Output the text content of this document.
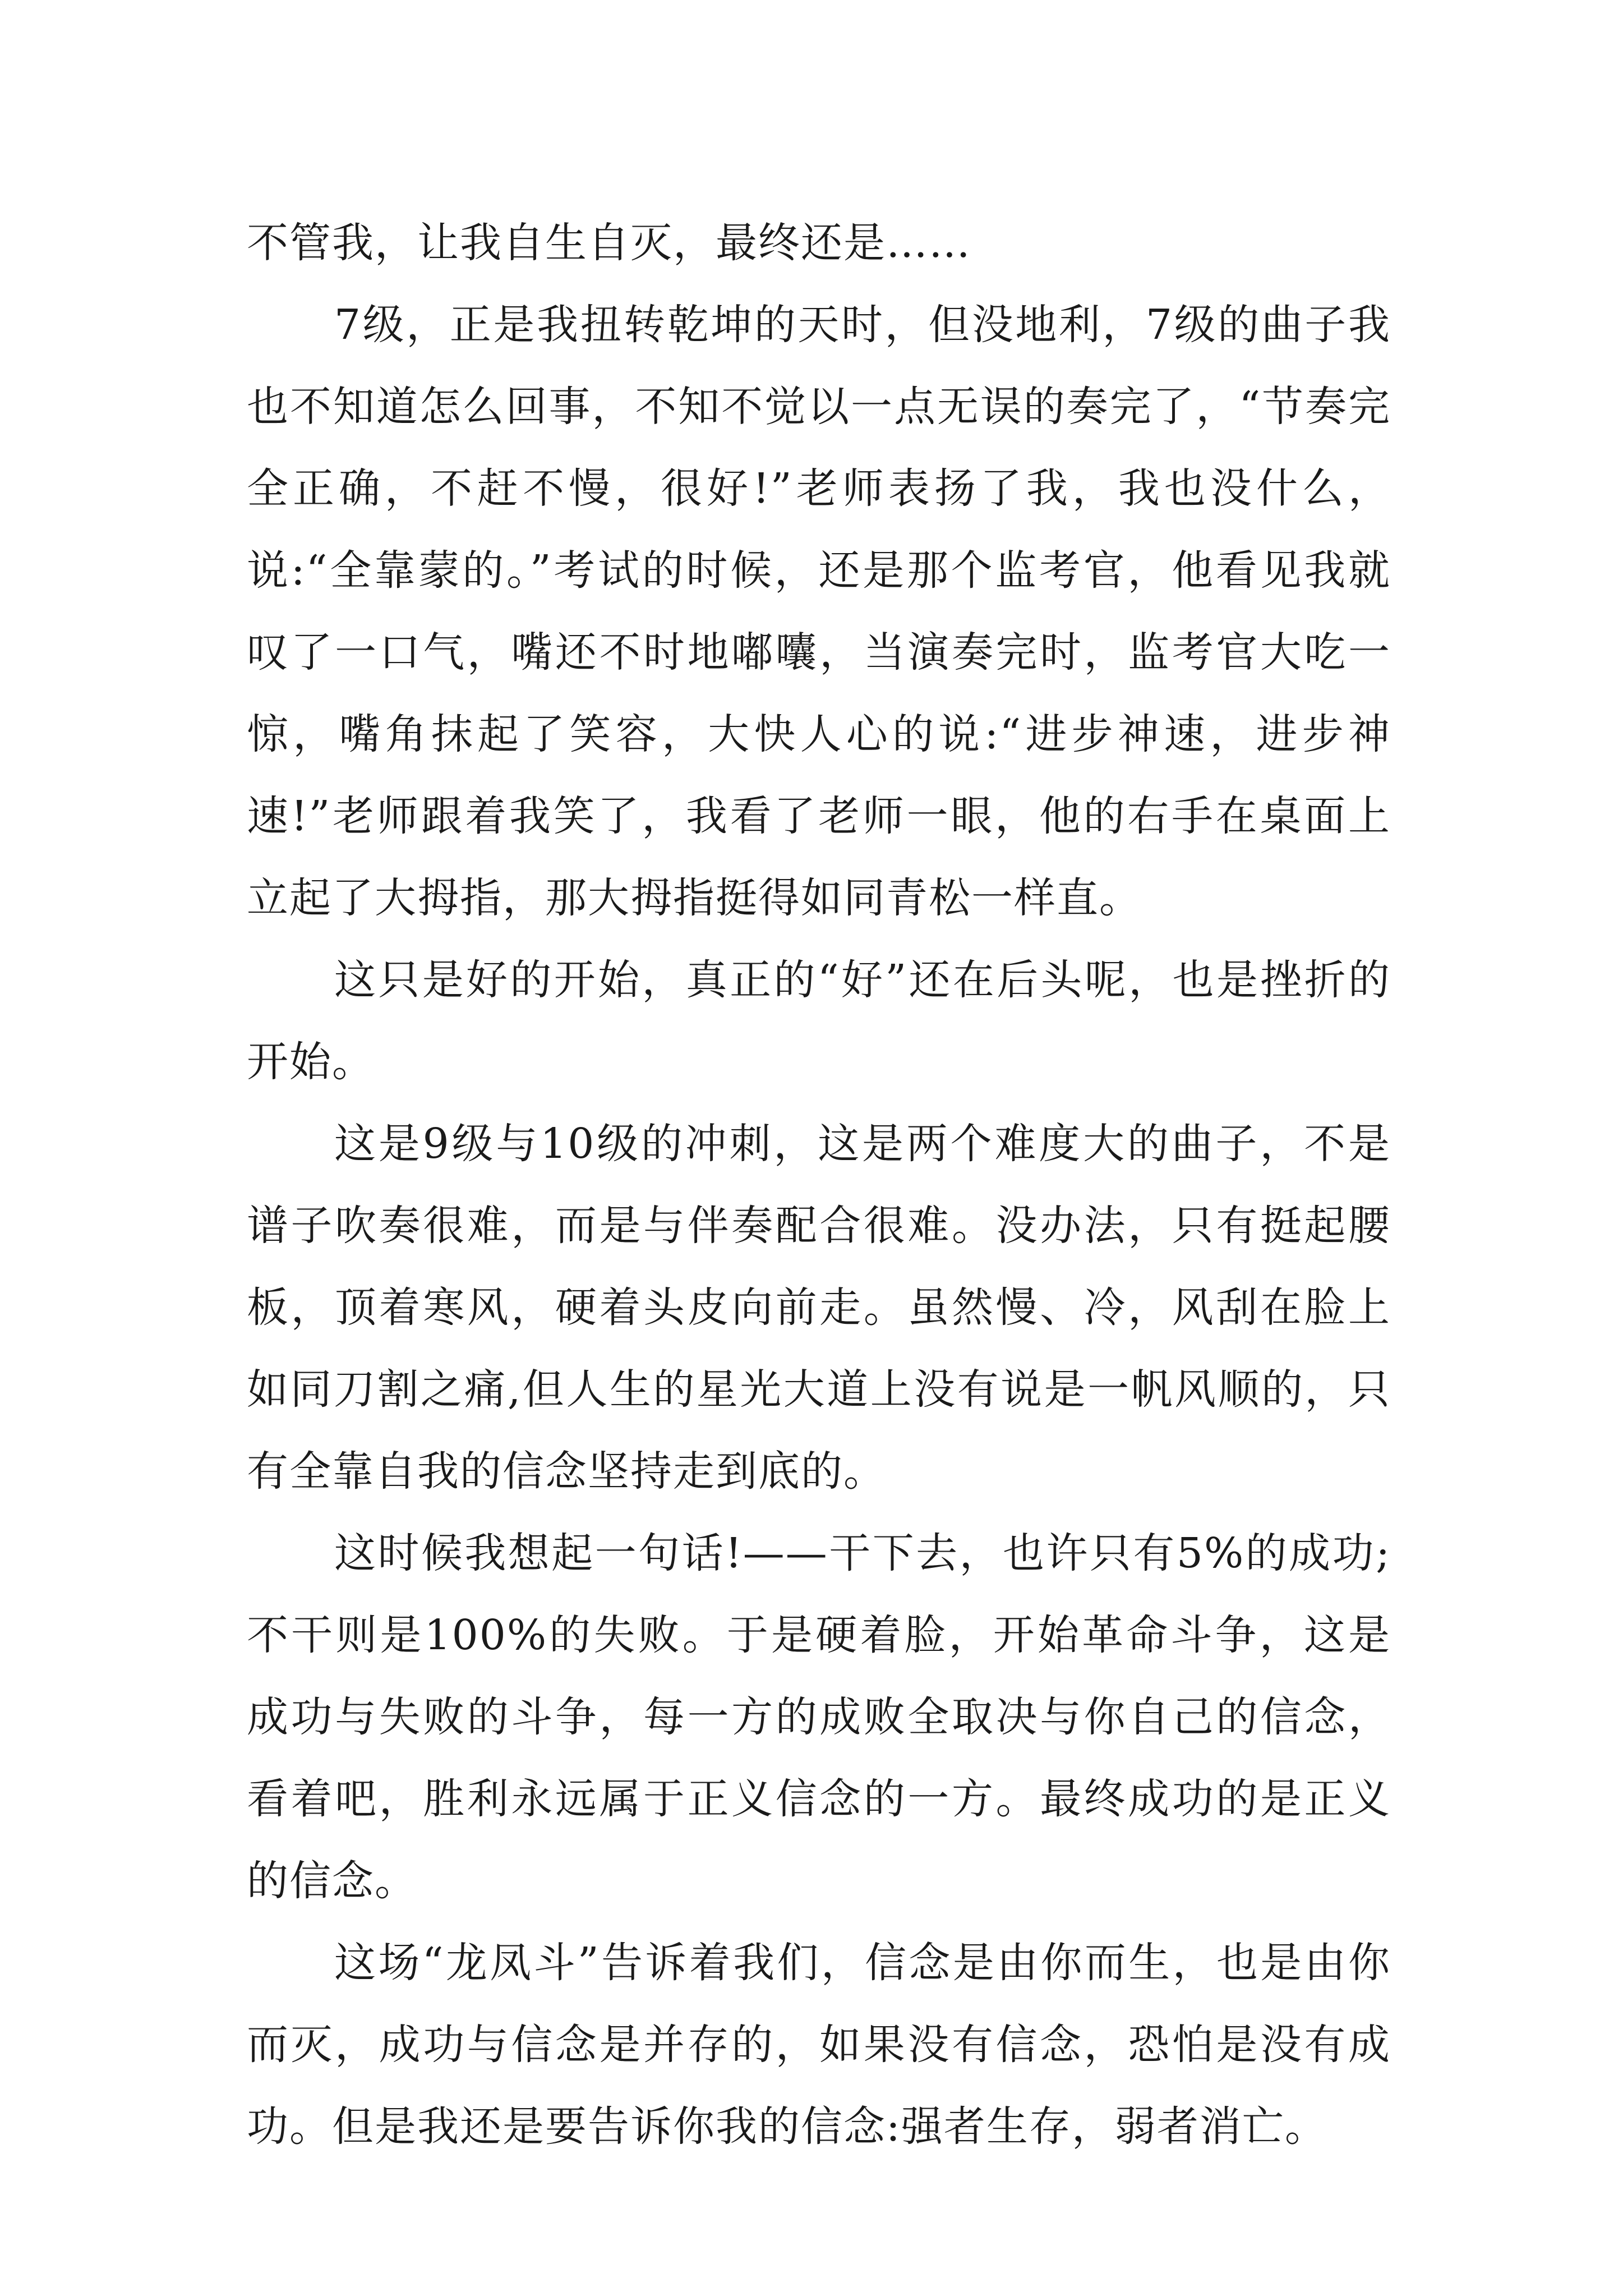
不管我，让我自生自灭，最终还是……

7级，正是我扭转乾坤的天时，但没地利，7级的曲子我也不知道怎么回事，不知不觉以一点无误的奏完了，“节奏完全正确，不赶不慢，很好!”老师表扬了我，我也没什么，说:“全靠蒙的。”考试的时候，还是那个监考官，他看见我就叹了一口气，嘴还不时地嘟囔，当演奏完时，监考官大吃一惊，嘴角抹起了笑容，大快人心的说:“进步神速，进步神速!”老师跟着我笑了，我看了老师一眼，他的右手在桌面上立起了大拇指，那大拇指挺得如同青松一样直。

这只是好的开始，真正的“好”还在后头呢，也是挫折的开始。

这是9级与10级的冲刺，这是两个难度大的曲子，不是谱子吹奏很难，而是与伴奏配合很难。没办法，只有挺起腰板，顶着寒风，硬着头皮向前走。虽然慢、冷，风刮在脸上如同刀割之痛,但人生的星光大道上没有说是一帆风顺的，只有全靠自我的信念坚持走到底的。

这时候我想起一句话!——干下去，也许只有5%的成功;不干则是100%的失败。于是硬着脸，开始革命斗争，这是成功与失败的斗争，每一方的成败全取决与你自己的信念，看着吧，胜利永远属于正义信念的一方。最终成功的是正义的信念。

这场“龙凤斗”告诉着我们，信念是由你而生，也是由你而灭，成功与信念是并存的，如果没有信念，恐怕是没有成功。但是我还是要告诉你我的信念:强者生存，弱者消亡。
